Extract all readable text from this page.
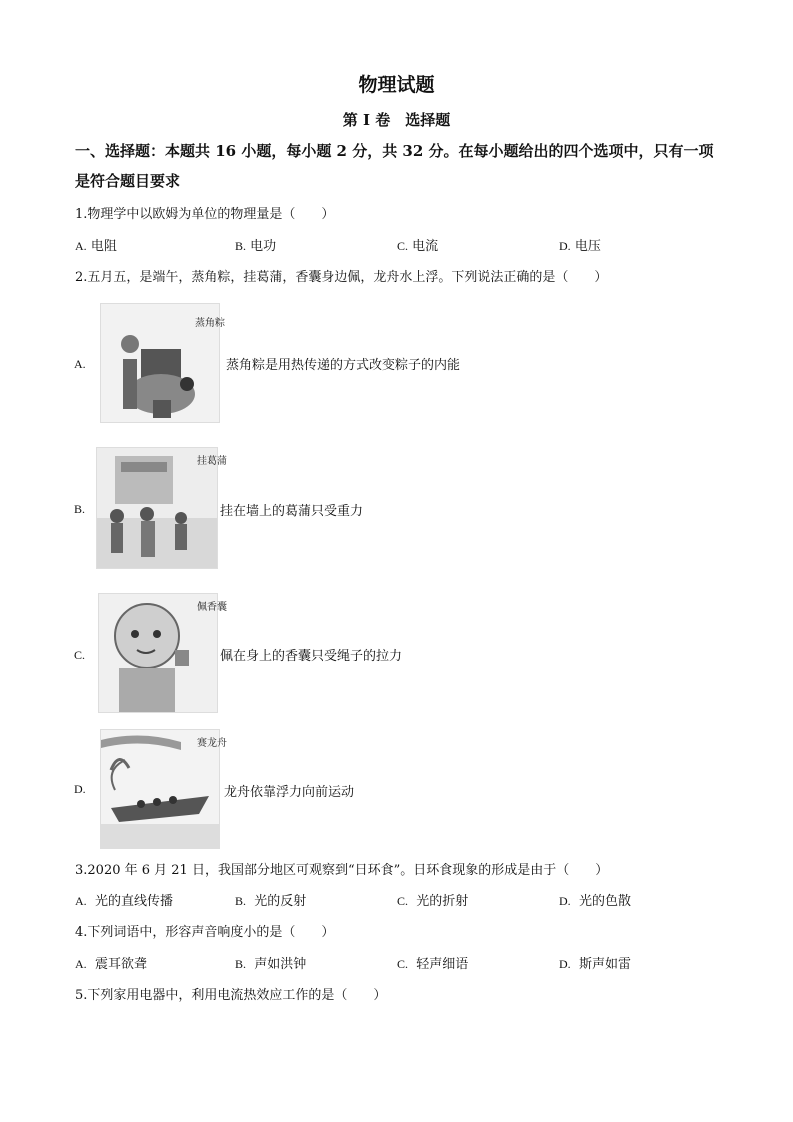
物理试题
第 I 卷　选择题
一、选择题：本题共 16 小题，每小题 2 分，共 32 分。在每小题给出的四个选项中，只有一项是符合题目要求
1.物理学中以欧姆为单位的物理量是（　　）
A. 电阻	B. 电功	C. 电流	D. 电压
2.五月五，是端午，蒸角粽，挂葛蒲，香囊身边佩，龙舟水上浮。下列说法正确的是（　　）
A.
蒸角粽
蒸角粽是用热传递的方式改变粽子的内能
B.
挂葛蒲
挂在墙上的葛蒲只受重力
C.
佩香囊
佩在身上的香囊只受绳子的拉力
D.
赛龙舟
龙舟依靠浮力向前运动
3.2020 年 6 月 21 日，我国部分地区可观察到“日环食”。日环食现象的形成是由于（　　）
A. 光的直线传播	B. 光的反射	C. 光的折射	D. 光的色散
4.下列词语中，形容声音响度小的是（　　）
A. 震耳欲聋	B. 声如洪钟	C. 轻声细语	D. 斯声如雷
5.下列家用电器中，利用电流热效应工作的是（　　）
